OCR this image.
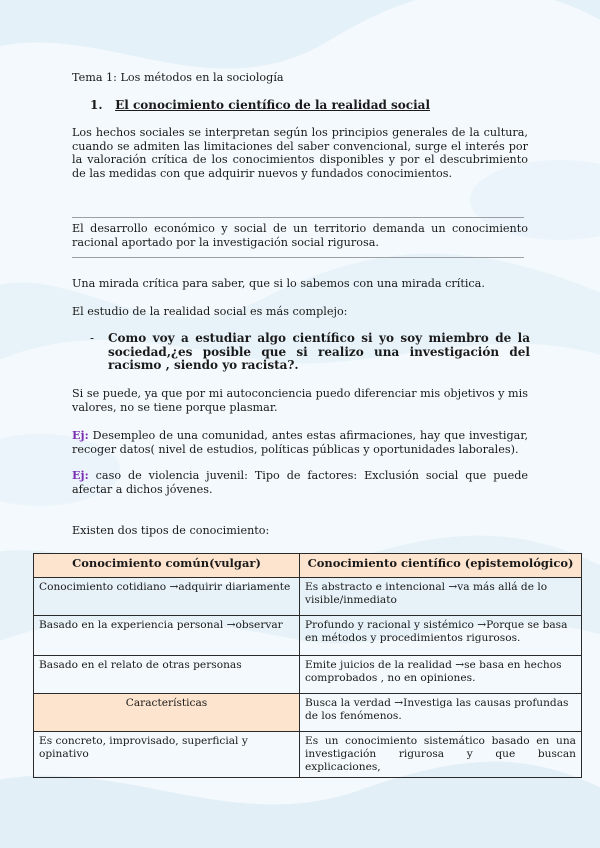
Tema 1: Los métodos en la sociología

1. El conocimiento científico de la realidad social

Los hechos sociales se interpretan según los principios generales de la cultura, cuando se admiten las limitaciones del saber convencional, surge el interés por la valoración crítica de los conocimientos disponibles y por el descubrimiento de las medidas con que adquirir nuevos y fundados conocimientos.

El desarrollo económico y social de un territorio demanda un conocimiento racional aportado por la investigación social rigurosa.

Una mirada crítica para saber, que si lo sabemos con una mirada crítica.

El estudio de la realidad social es más complejo:

- Como voy a estudiar algo científico si yo soy miembro de la sociedad,¿es posible que si realizo una investigación del racismo , siendo yo racista?.

Si se puede, ya que por mi autoconciencia puedo diferenciar mis objetivos y mis valores, no se tiene porque plasmar.

Ej: Desempleo de una comunidad, antes estas afirmaciones, hay que investigar, recoger datos( nivel de estudios, políticas públicas y oportunidades laborales).

Ej: caso de violencia juvenil: Tipo de factores: Exclusión social que puede afectar a dichos jóvenes.

Existen dos tipos de conocimiento:

Conocimiento común(vulgar)	Conocimiento científico (epistemológico)
Conocimiento cotidiano →adquirir diariamente	Es abstracto e intencional →va más allá de lo visible/inmediato
Basado en la experiencia personal →observar	Profundo y racional y sistémico →Porque se basa en métodos y procedimientos rigurosos.
Basado en el relato de otras personas	Emite juicios de la realidad →se basa en hechos comprobados , no en opiniones.
Características	Busca la verdad →Investiga las causas profundas de los fenómenos.
Es concreto, improvisado, superficial y opinativo	Es un conocimiento sistemático basado en una investigación rigurosa y que buscan explicaciones,
